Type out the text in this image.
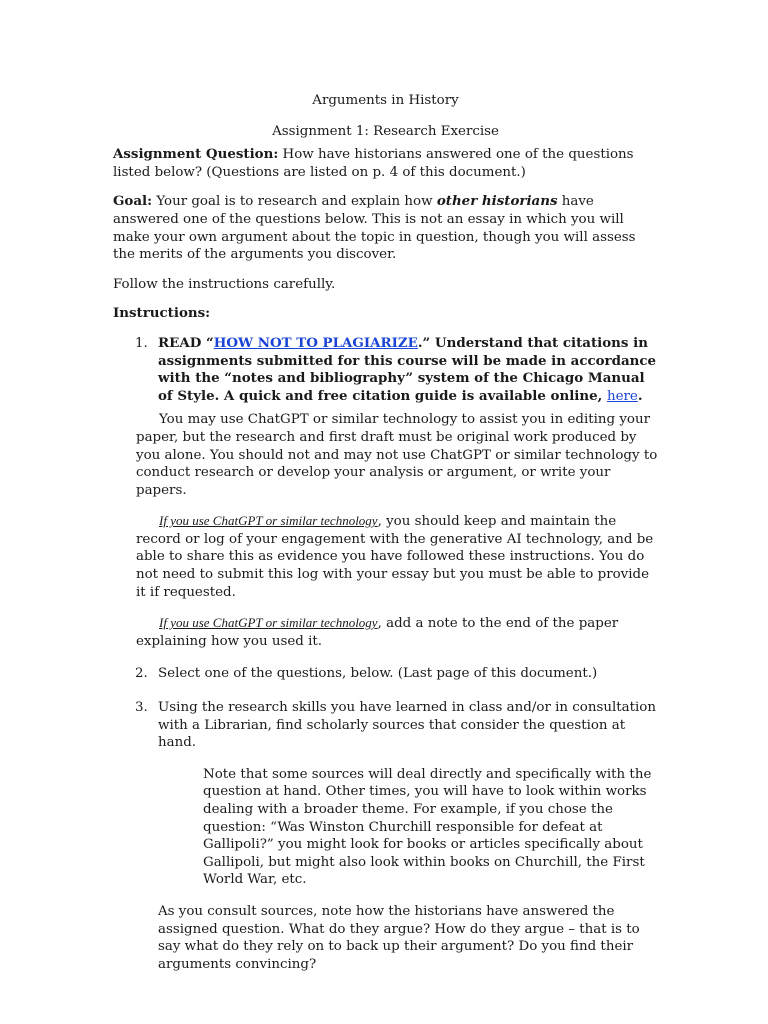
Arguments in History

Assignment 1: Research Exercise

Assignment Question: How have historians answered one of the questions listed below? (Questions are listed on p. 4 of this document.)

Goal: Your goal is to research and explain how other historians have answered one of the questions below. This is not an essay in which you will make your own argument about the topic in question, though you will assess the merits of the arguments you discover.

Follow the instructions carefully.

Instructions:

1. READ “HOW NOT TO PLAGIARIZE.” Understand that citations in assignments submitted for this course will be made in accordance with the “notes and bibliography” system of the Chicago Manual of Style. A quick and free citation guide is available online, here.

You may use ChatGPT or similar technology to assist you in editing your paper, but the research and first draft must be original work produced by you alone. You should not and may not use ChatGPT or similar technology to conduct research or develop your analysis or argument, or write your papers.

If you use ChatGPT or similar technology, you should keep and maintain the record or log of your engagement with the generative AI technology, and be able to share this as evidence you have followed these instructions. You do not need to submit this log with your essay but you must be able to provide it if requested.

If you use ChatGPT or similar technology, add a note to the end of the paper explaining how you used it.

2. Select one of the questions, below. (Last page of this document.)
3. Using the research skills you have learned in class and/or in consultation with a Librarian, find scholarly sources that consider the question at hand.

Note that some sources will deal directly and specifically with the question at hand. Other times, you will have to look within works dealing with a broader theme. For example, if you chose the question: “Was Winston Churchill responsible for defeat at Gallipoli?” you might look for books or articles specifically about Gallipoli, but might also look within books on Churchill, the First World War, etc.

As you consult sources, note how the historians have answered the assigned question. What do they argue? How do they argue – that is to say what do they rely on to back up their argument? Do you find their arguments convincing?
